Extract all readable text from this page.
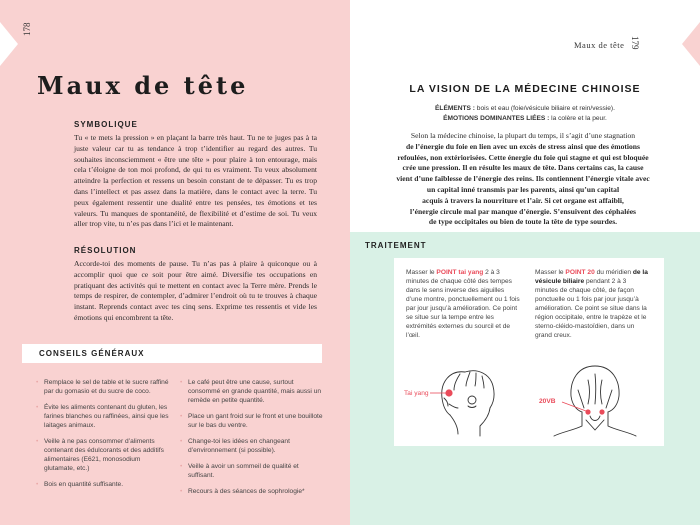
178
Maux de tête
SYMBOLIQUE

Tu « te mets la pression » en plaçant la barre très haut. Tu ne te juges pas à ta juste valeur car tu as tendance à trop t’identifier au regard des autres. Tu souhaites inconsciemment « être une tête » pour plaire à ton entourage, mais cela t’éloigne de ton moi profond, de qui tu es vraiment. Tu veux absolument atteindre la perfection et ressens un besoin constant de te dépasser. Tu es trop dans l’intellect et pas assez dans la matière, dans le contact avec la terre. Tu peux également ressentir une dualité entre tes pensées, tes émotions et tes valeurs. Tu manques de spontanéité, de flexibilité et d’estime de soi. Tu veux aller trop vite, tu n’es pas dans l’ici et le maintenant.

RÉSOLUTION

Accorde-toi des moments de pause. Tu n’as pas à plaire à quiconque ou à accomplir quoi que ce soit pour être aimé. Diversifie tes occupations en pratiquant des activités qui te mettent en contact avec la Terre mère. Prends le temps de respirer, de contempler, d’admirer l’endroit où tu te trouves à chaque instant. Reprends contact avec tes cinq sens. Exprime tes ressentis et vide les émotions qui encombrent ta tête.

CONSEILS GÉNÉRAUX
• Remplace le sel de table et le sucre raffiné par du gomasio et du sucre de coco.
• Évite les aliments contenant du gluten, les farines blanches ou raffinées, ainsi que les laitages animaux.
• Veille à ne pas consommer d’aliments contenant des édulcorants et des additifs alimentaires (E621, monosodium glutamate, etc.)
• Bois en quantité suffisante.
• Le café peut être une cause, surtout consommé en grande quantité, mais aussi un remède en petite quantité.
• Place un gant froid sur le front et une bouillote sur le bas du ventre.
• Change-toi les idées en changeant d’environnement (si possible).
• Veille à avoir un sommeil de qualité et suffisant.
• Recours à des séances de sophrologie*
Maux de tête 179
LA VISION DE LA MÉDECINE CHINOISE
ÉLÉMENTS : bois et eau (foie/vésicule biliaire et rein/vessie).
ÉMOTIONS DOMINANTES LIÉES : la colère et la peur.
Selon la médecine chinoise, la plupart du temps, il s’agit d’une stagnation
de l’énergie du foie en lien avec un excès de stress ainsi que des émotions
refoulées, non extériorisées. Cette énergie du foie qui stagne et qui est bloquée
crée une pression. Il en résulte les maux de tête. Dans certains cas, la cause
vient d’une faiblesse de l’énergie des reins. Ils contiennent l’énergie vitale avec
un capital inné transmis par les parents, ainsi qu’un capital
acquis à travers la nourriture et l’air. Si cet organe est affaibli,
l’énergie circule mal par manque d’énergie. S’ensuivent des céphalées
de type occipitales ou bien de toute la tête de type sourdes.
TRAITEMENT
Masser le POINT tai yang 2 à 3 minutes de chaque côté des tempes dans le sens inverse des aiguilles d’une montre, ponctuellement ou 1 fois par jour jusqu’à amélioration. Ce point se situe sur la tempe entre les extrémités externes du sourcil et de l’œil.
Masser le POINT 20 du méridien de la vésicule biliaire pendant 2 à 3 minutes de chaque côté, de façon ponctuelle ou 1 fois par jour jusqu’à amélioration. Ce point se situe dans la région occipitale, entre le trapèze et le sterno-cléido-mastoïdien, dans un grand creux.
Tai yang
20VB
